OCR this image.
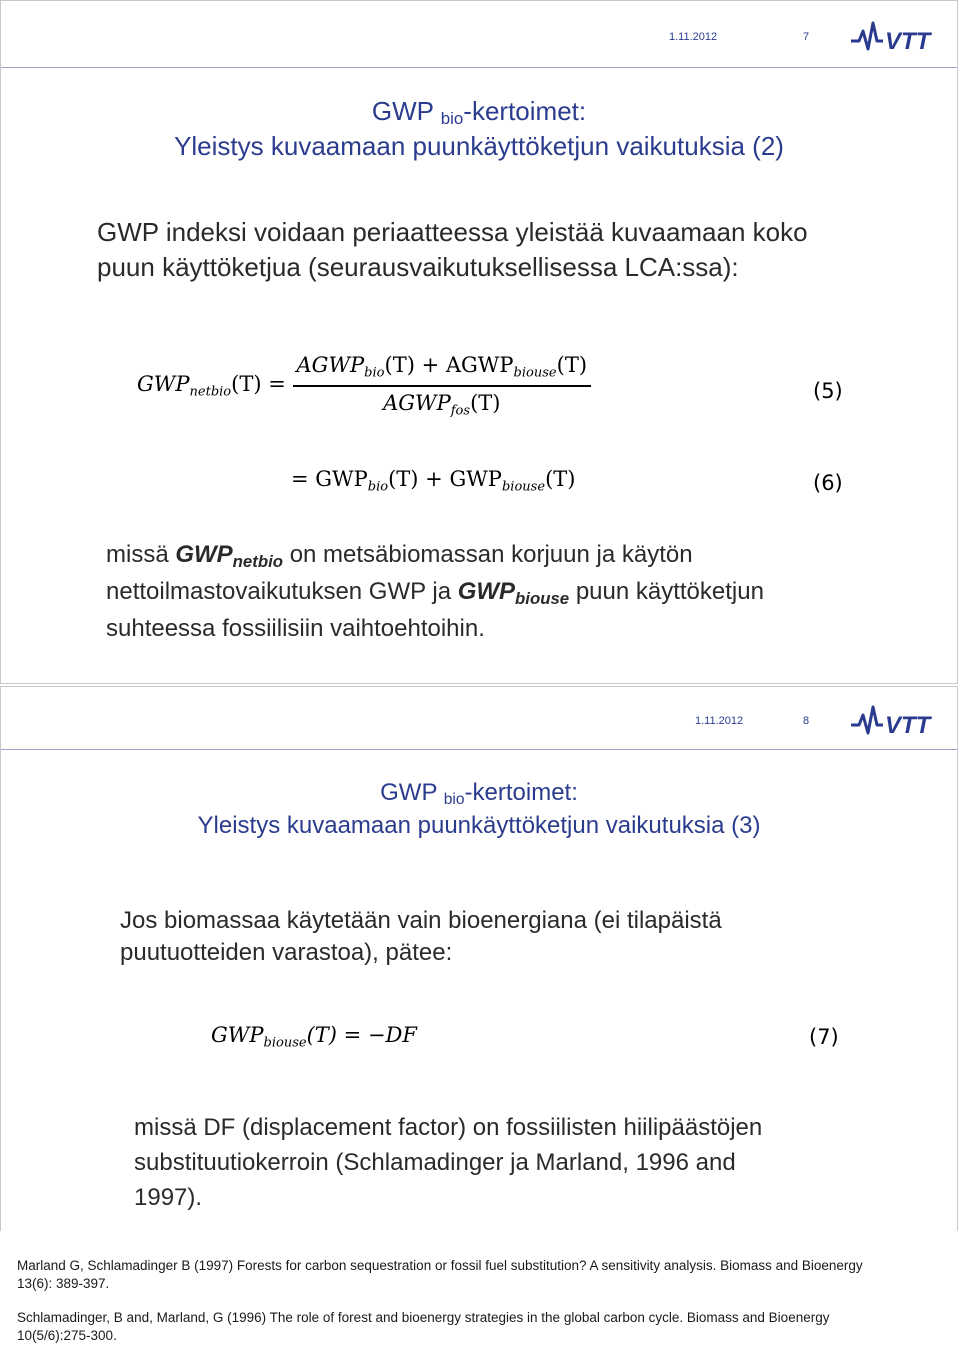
1.11.2012	7	VTT
GWP $_{bio}$-kertoimet:
Yleistys kuvaamaan puunkäyttöketjun vaikutuksia (2)
GWP indeksi voidaan periaatteessa yleistää kuvaamaan koko
puun käyttöketjua (seurausvaikutuksellisessa LCA:ssa):
$GWP_{netbio}(T) = \frac{AGWP_{bio}(T) + AGWP_{biouse}(T)}{AGWP_{fos}(T)}$	(5)
= $GWP_{bio}(T) + GWP_{biouse}(T)$	(6)
missä $GWP_{netbio}$ on metsäbiomassan korjuun ja käytön
nettoilmastovaikutuksen GWP ja $GWP_{biouse}$ puun käyttöketjun
suhteessa fossiilisiin vaihtoehtoihin.
1.11.2012	8	VTT
GWP $_{bio}$-kertoimet:
Yleistys kuvaamaan puunkäyttöketjun vaikutuksia (3)
Jos biomassaa käytetään vain bioenergiana (ei tilapäistä
puutuotteiden varastoa), pätee:
$GWP_{biouse}(T) = -DF$	(7)
missä DF (displacement factor) on fossiilisten hiilipäästöjen
substituutiokerroin (Schlamadinger ja Marland, 1996 and
1997).
Marland G, Schlamadinger B (1997) Forests for carbon sequestration or fossil fuel substitution? A sensitivity analysis. Biomass and Bioenergy
13(6): 389-397.
Schlamadinger, B and, Marland, G (1996) The role of forest and bioenergy strategies in the global carbon cycle. Biomass and Bioenergy
10(5/6):275-300.
